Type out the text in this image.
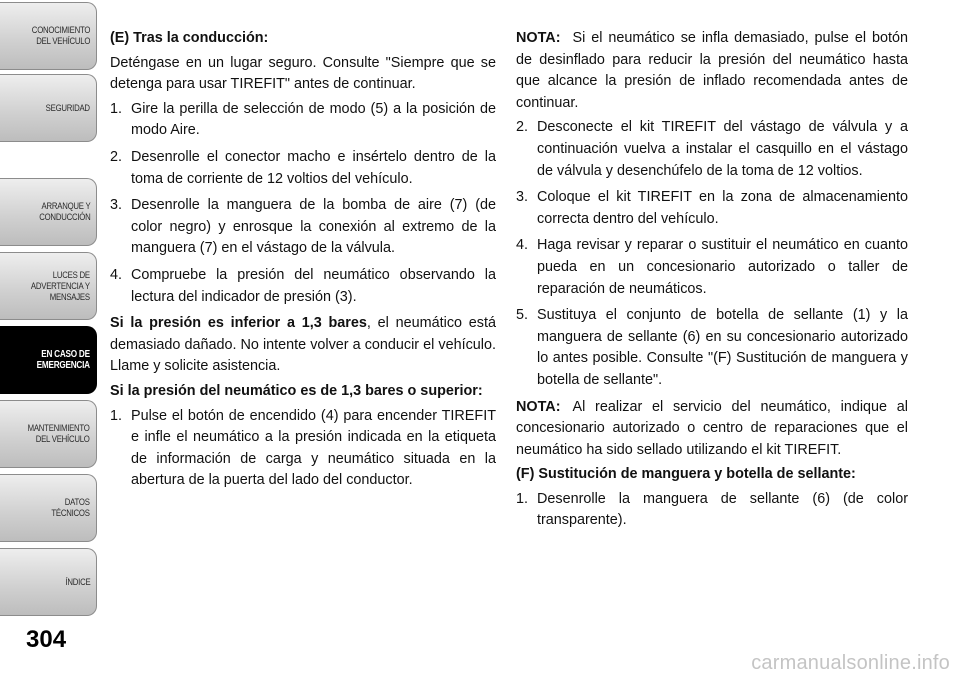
CONOCIMIENTO
DEL VEHÍCULO
SEGURIDAD
ARRANQUE Y
CONDUCCIÓN
LUCES DE
ADVERTENCIA Y
MENSAJES
EN CASO DE
EMERGENCIA
MANTENIMIENTO
DEL VEHÍCULO
DATOS
TÉCNICOS
ÍNDICE
304
carmanualsonline.info

(E) Tras la conducción:

Deténgase en un lugar seguro. Consulte "Siempre que se detenga para usar TIREFIT" antes de continuar.

1. Gire la perilla de selección de modo (5) a la posición de modo Aire.
2. Desenrolle el conector macho e insértelo dentro de la toma de corriente de 12 voltios del vehículo.
3. Desenrolle la manguera de la bomba de aire (7) (de color negro) y enrosque la conexión al extremo de la manguera (7) en el vástago de la válvula.
4. Compruebe la presión del neumático observando la lectura del indicador de presión (3).

Si la presión es inferior a 1,3 bares, el neumático está demasiado dañado. No intente volver a conducir el vehículo. Llame y solicite asistencia.

Si la presión del neumático es de 1,3 bares o superior:

1. Pulse el botón de encendido (4) para encender TIREFIT e infle el neumático a la presión indicada en la etiqueta de información de carga y neumático situada en la abertura de la puerta del lado del conductor.

NOTA: Si el neumático se infla demasiado, pulse el botón de desinflado para reducir la presión del neumático hasta que alcance la presión de inflado recomendada antes de continuar.

2. Desconecte el kit TIREFIT del vástago de válvula y a continuación vuelva a instalar el casquillo en el vástago de válvula y desenchúfelo de la toma de 12 voltios.
3. Coloque el kit TIREFIT en la zona de almacenamiento correcta dentro del vehículo.
4. Haga revisar y reparar o sustituir el neumático en cuanto pueda en un concesionario autorizado o taller de reparación de neumáticos.
5. Sustituya el conjunto de botella de sellante (1) y la manguera de sellante (6) en su concesionario autorizado lo antes posible. Consulte "(F) Sustitución de manguera y botella de sellante".

NOTA: Al realizar el servicio del neumático, indique al concesionario autorizado o centro de reparaciones que el neumático ha sido sellado utilizando el kit TIREFIT.

(F) Sustitución de manguera y botella de sellante:

1. Desenrolle la manguera de sellante (6) (de color transparente).
